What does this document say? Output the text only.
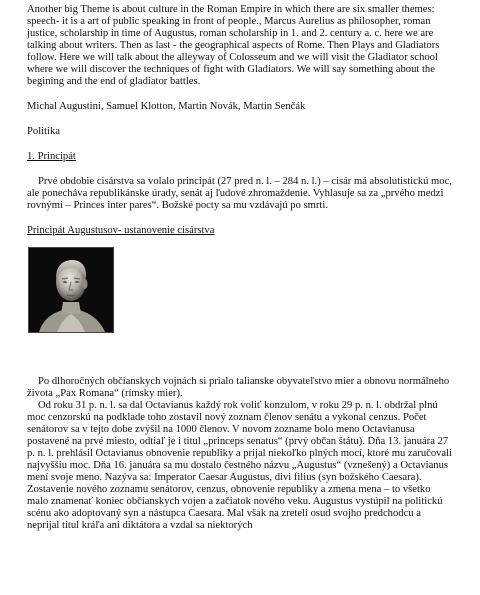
Another big Theme is about culture in the Roman Empire in which there are six smaller themes: speech- it is a art of public speaking in front of people., Marcus Aurelius as philosopher, roman justice, scholarship in time of Augustus, roman scholarship in 1. and 2. century a. c. here we are talking about writers. Then as last - the geographical aspects of Rome. Then Plays and Gladiators follow. Here we will talk about the alleyway of Colosseum and we will visit the Gladiator school where we will discover the techniques of fight with Gladiators. We will say something about the begining and the end of gladiator battles.

Michal Augustini, Samuel Klotton, Martin Novák, Martin Senčák

Politika

1. Principát

Prvé obdobie cisárstva sa volalo principát (27 pred n. l. – 284 n. l.) – cisár má absolutistickú moc, ale ponecháva republikánske úrady, senát aj ľudové zhromaždenie. Vyhlasuje sa za „prvého medzi rovnými – Princes inter pares“. Božské pocty sa mu vzdávajú po smrti.

Principát Augustusov- ustanovenie cisárstva

Po dlhoročných občianskych vojnách si prialo talianske obyvateľstvo mier a obnovu normálneho života „Pax Romana“ (rímsky mier).

Od roku 31 p. n. l. sa dal Octavianus každý rok voliť konzulom, v roku 29 p. n. l. obdržal plnú moc cenzorskú na podklade toho zostavil nový zoznam členov senátu a vykonal cenzus. Počet senátorov sa v tejto dobe zvýšil na 1000 členov. V novom zozname bolo meno Octavianusa postavené na prvé miesto, odtiaľ je i titul „princeps senatus“ (prvý občan štátu). Dňa 13. januára 27 p. n. l. prehlásil Octavianus obnovenie republiky a prijal niekoľko plných mocí, ktoré mu zaručovali najvyššiu moc. Dňa 16. januára sa mu dostalo čestného názvu „Augustus“ (vznešený) a Octavianus mení svoje meno. Nazýva sa: Imperator Caesar Augustus, divi filius (syn božského Caesara). Zostavenie nového zoznamu senátorov, cenzus, obnovenie republiky a zmena mena – to všetko malo znamenať koniec občianskych vojen a začiatok nového veku. Augustus vystúpil na politickú scénu ako adoptovaný syn a nástupca Caesara. Mal však na zreteli osud svojho predchodcu a neprijal titul kráľa ani diktátora a vzdal sa niektorých
